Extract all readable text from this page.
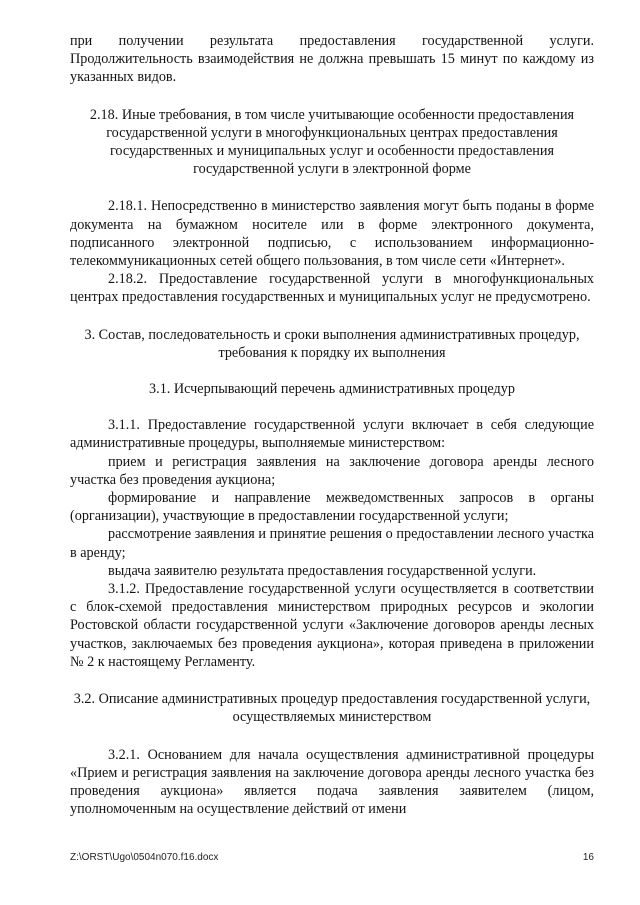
при получении результата предоставления государственной услуги. Продолжительность взаимодействия не должна превышать 15 минут по каждому из указанных видов.

2.18. Иные требования, в том числе учитывающие особенности предоставления государственной услуги в многофункциональных центрах предоставления государственных и муниципальных услуг и особенности предоставления государственной услуги в электронной форме

2.18.1. Непосредственно в министерство заявления могут быть поданы в форме документа на бумажном носителе или в форме электронного документа, подписанного электронной подписью, с использованием информационно-телекоммуникационных сетей общего пользования, в том числе сети «Интернет».

2.18.2. Предоставление государственной услуги в многофункциональных центрах предоставления государственных и муниципальных услуг не предусмотрено.

3. Состав, последовательность и сроки выполнения административных процедур, требования к порядку их выполнения

3.1. Исчерпывающий перечень административных процедур

3.1.1. Предоставление государственной услуги включает в себя следующие административные процедуры, выполняемые министерством:

прием и регистрация заявления на заключение договора аренды лесного участка без проведения аукциона;

формирование и направление межведомственных запросов в органы (организации), участвующие в предоставлении государственной услуги;

рассмотрение заявления и принятие решения о предоставлении лесного участка в аренду;

выдача заявителю результата предоставления государственной услуги.

3.1.2. Предоставление государственной услуги осуществляется в соответствии с блок-схемой предоставления министерством природных ресурсов и экологии Ростовской области государственной услуги «Заключение договоров аренды лесных участков, заключаемых без проведения аукциона», которая приведена в приложении № 2 к настоящему Регламенту.

3.2. Описание административных процедур предоставления государственной услуги, осуществляемых министерством

3.2.1. Основанием для начала осуществления административной процедуры «Прием и регистрация заявления на заключение договора аренды лесного участка без проведения аукциона» является подача заявления заявителем (лицом, уполномоченным на осуществление действий от имени

Z:\ORST\Ugo\0504n070.f16.docx	16
